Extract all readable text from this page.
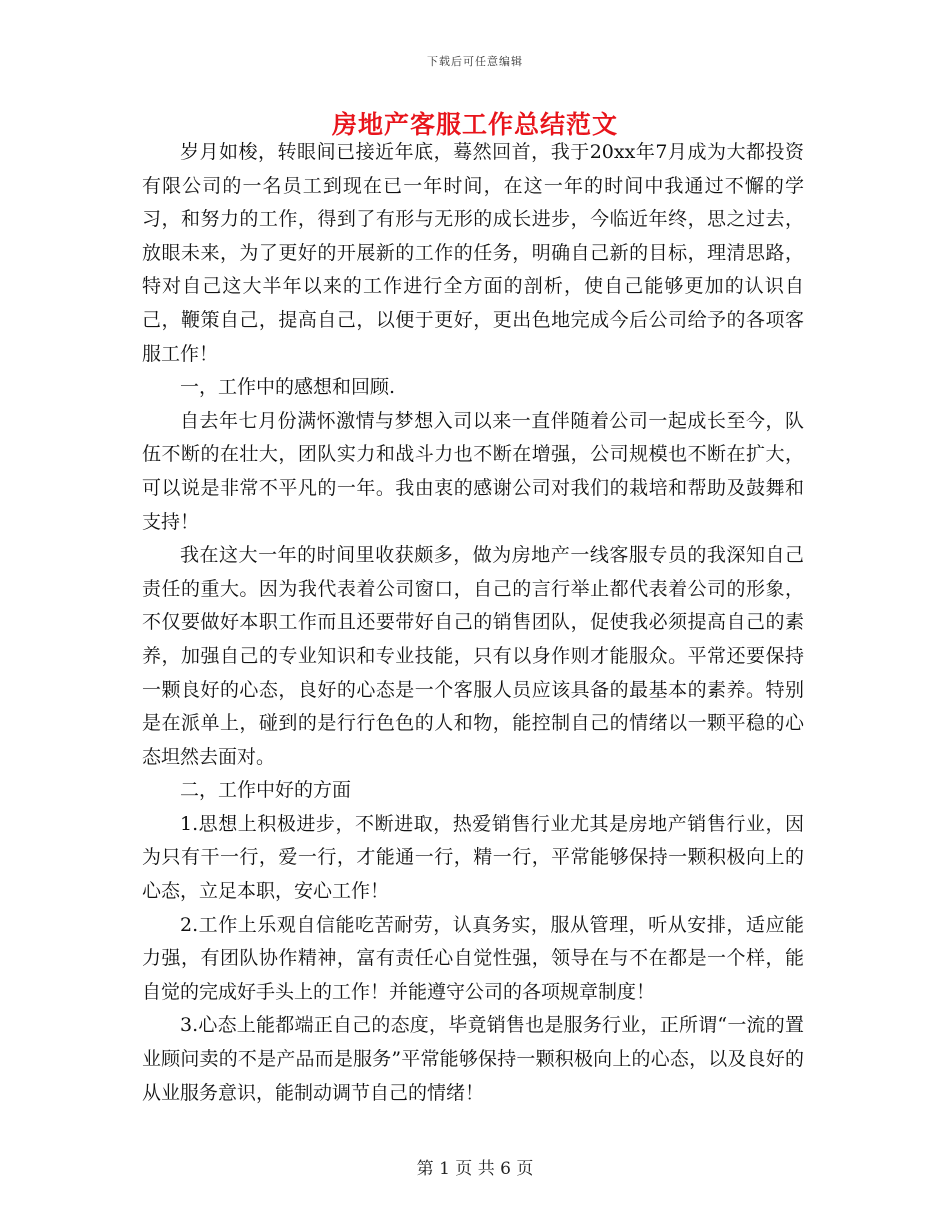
下载后可任意编辑
房地产客服工作总结范文

岁月如梭，转眼间已接近年底，蓦然回首，我于20xx年7月成为大都投资有限公司的一名员工到现在已一年时间，在这一年的时间中我通过不懈的学习，和努力的工作，得到了有形与无形的成长进步，今临近年终，思之过去，放眼未来，为了更好的开展新的工作的任务，明确自己新的目标，理清思路，特对自己这大半年以来的工作进行全方面的剖析，使自己能够更加的认识自己，鞭策自己，提高自己，以便于更好，更出色地完成今后公司给予的各项客服工作！

一，工作中的感想和回顾.

自去年七月份满怀激情与梦想入司以来一直伴随着公司一起成长至今，队伍不断的在壮大，团队实力和战斗力也不断在增强，公司规模也不断在扩大，可以说是非常不平凡的一年。我由衷的感谢公司对我们的栽培和帮助及鼓舞和支持！

我在这大一年的时间里收获颇多，做为房地产一线客服专员的我深知自己责任的重大。因为我代表着公司窗口，自己的言行举止都代表着公司的形象，不仅要做好本职工作而且还要带好自己的销售团队，促使我必须提高自己的素养，加强自己的专业知识和专业技能，只有以身作则才能服众。平常还要保持一颗良好的心态，良好的心态是一个客服人员应该具备的最基本的素养。特别是在派单上，碰到的是行行色色的人和物，能控制自己的情绪以一颗平稳的心态坦然去面对。

二，工作中好的方面

1.思想上积极进步，不断进取，热爱销售行业尤其是房地产销售行业，因为只有干一行，爱一行，才能通一行，精一行，平常能够保持一颗积极向上的心态，立足本职，安心工作！

2.工作上乐观自信能吃苦耐劳，认真务实，服从管理，听从安排，适应能力强，有团队协作精神，富有责任心自觉性强，领导在与不在都是一个样，能自觉的完成好手头上的工作！并能遵守公司的各项规章制度！

3.心态上能都端正自己的态度，毕竟销售也是服务行业，正所谓“一流的置业顾问卖的不是产品而是服务”平常能够保持一颗积极向上的心态，以及良好的从业服务意识，能制动调节自己的情绪！

第 1 页 共 6 页
